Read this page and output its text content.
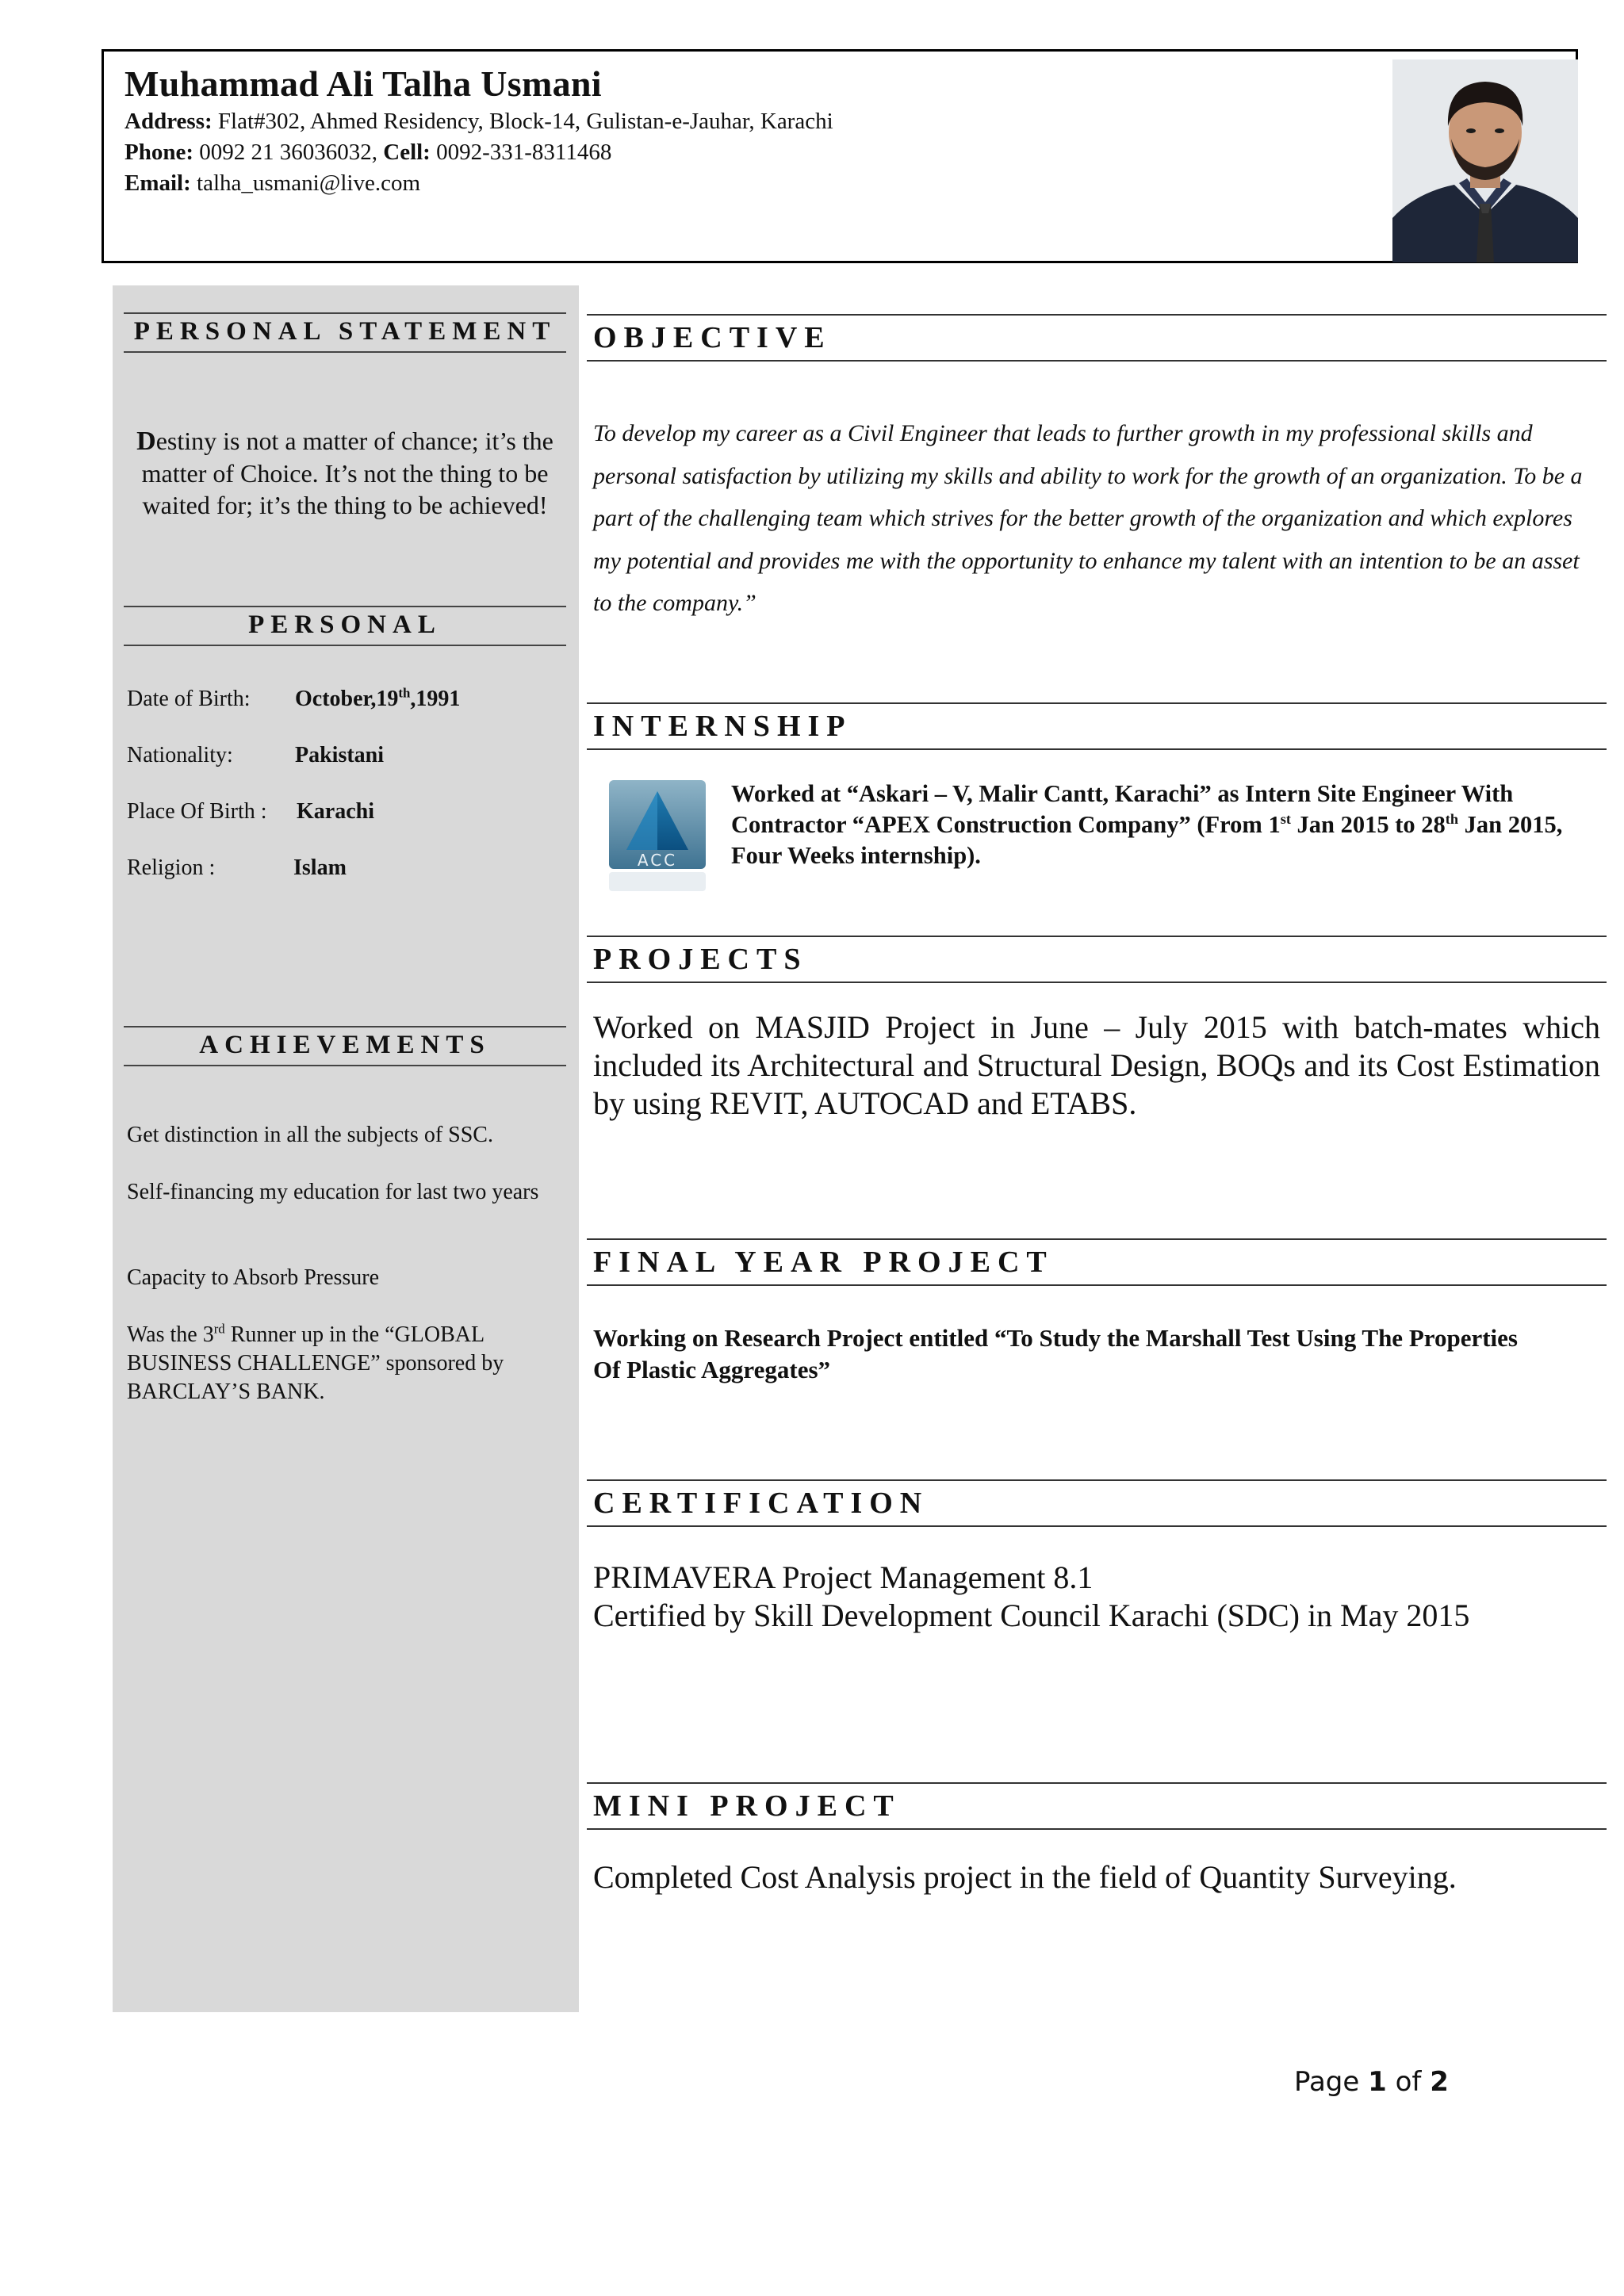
Muhammad Ali Talha Usmani
Address: Flat#302, Ahmed Residency, Block-14, Gulistan-e-Jauhar, Karachi
Phone: 0092 21 36036032, Cell: 0092-331-8311468
Email: talha_usmani@live.com
PERSONAL STATEMENT
Destiny is not a matter of chance; it’s the matter of Choice. It’s not the thing to be waited for; it’s the thing to be achieved!
PERSONAL
Date of Birth: October,19th,1991
Nationality:	Pakistani
Place Of Birth : Karachi
Religion :	Islam
ACHIEVEMENTS
Get distinction in all the subjects of SSC.
Self-financing my education for last two years
Capacity to Absorb Pressure
Was the 3rd Runner up in the “GLOBAL BUSINESS CHALLENGE” sponsored by BARCLAY’S BANK.
OBJECTIVE
To develop my career as a Civil Engineer that leads to further growth in my professional skills and personal satisfaction by utilizing my skills and ability to work for the growth of an organization. To be a part of the challenging team which strives for the better growth of the organization and which explores my potential and provides me with the opportunity to enhance my talent with an intention to be an asset to the company.”
INTERNSHIP
ACC
Worked at “Askari – V, Malir Cantt, Karachi” as Intern Site Engineer With Contractor “APEX Construction Company” (From 1st Jan 2015 to 28th Jan 2015, Four Weeks internship).
PROJECTS
Worked on MASJID Project in June – July 2015 with batch-mates which included its Architectural and Structural Design, BOQs and its Cost Estimation by using REVIT, AUTOCAD and ETABS.
FINAL YEAR PROJECT
Working on Research Project entitled “To Study the Marshall Test Using The Properties Of Plastic Aggregates”
CERTIFICATION
PRIMAVERA Project Management 8.1
Certified by Skill Development Council Karachi (SDC) in May 2015
MINI PROJECT
Completed Cost Analysis project in the field of Quantity Surveying.
Page 1 of 2
